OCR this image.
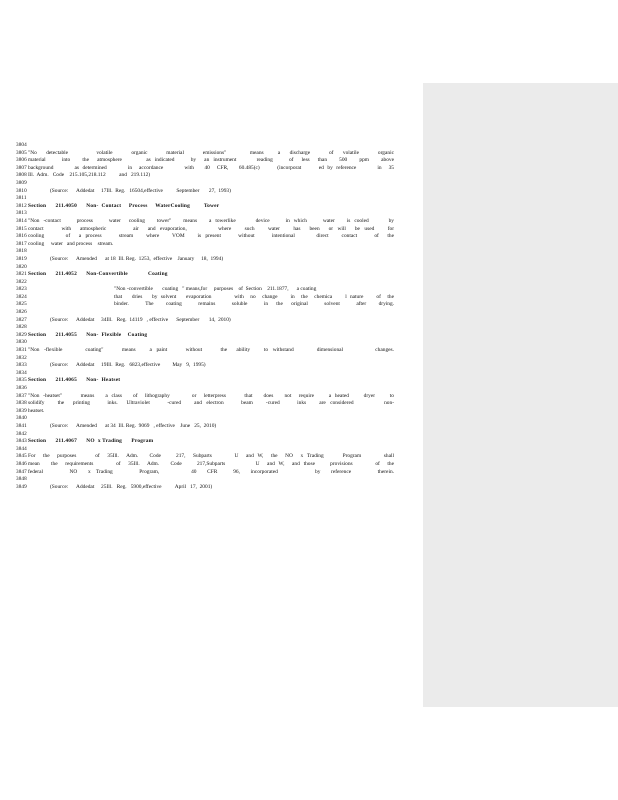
3804
3805 "No  detectable      volatile    organic    material    emissions"     means   a  discharge    of  volatile    organic
3806 material    into   the  atmosphere      as indicated    by  an instrument     reading    of  less  than   500   ppm   above
3807 background      as determined      in  accordance      with   40  CFR,   60.485(c)     (incorporat     ed by reference      in  35
3808 Ill.  Adm.   Code    215.105,218.112          and   219.112)
3809
3810	(Source:      Addedat     17Ill.  Reg.   16504,effective          September       27,  1993)
3811
3812 Section      211.4050      Non-  Contact     Process     WaterCooling         Tower
3813
3814 "Non -contact    process    water  cooling   tower"   means   a towerlike     device    in which    water   is cooled     by
3815 contact    with  atmospheric      air  and evaporation,       where   such   water   has  been  or will  be used   for
3816 cooling     of  a process    stream   where   VOM   is present    without    intentional     direct   contact    of  the
3817 cooling     water   and process    stream.
3818
3819	(Source:      Amended      at 18  Ill. Reg.  1253,  effective    January     18,  1994)
3820
3821 Section      211.4052      Non-Convertible             Coating
3822
3823	"Non -convertible       coating   " means,for     purposes    of  Section    211.1877,      a coating
3824	that   dries   by solvent   evaporation       with  no  change    in  the  chemica    l nature    of  the
3825	binder.    The   coating    remains    soluble    in  the  original    solvent    after   drying.
3826
3827	(Source:      Addedat     34Ill.   Reg.  14119   , effective      September       14,  2010)
3828
3829 Section      211.4055      Non-  Flexible    Coating
3830
3831 "Non -flexible     coating"    means   a paint    without    the  ability   to withstand     dimensional       changes.
3832
3833	(Source:      Addedat     19Ill.  Reg.   6823,effective         May   9,  1995)
3834
3835 Section      211.4065      Non-  Heatset
3836
3837 "Non -heatset"     means   a class   of  lithography      or  letterpress     that   does   not  require    a heated    dryer    to
3838 solidify   the  printing    inks.  Ultraviolet    -cured   and electron    beam   -cured    inks   are considered       non-
3839 heatset.
3840
3841	(Source:      Amended      at 34  Ill. Reg.  9069   , effective    June   25,  2010)
3842
3843 Section      211.4067      NO  x Trading      Program
3844
3845 For  the  purposes     of  35Ill.  Adm.   Code    217,  Subparts      U  and W,  the  NO  x Trading     Program      shall
3846 mean   the  requirements      of  35Ill.  Adm.   Code    217,Subparts        U  and W,  and those    provisions      of  the
3847 federal     NO  x Trading     Program,      40  CFR   96,  incorporated       by  reference     therein.
3848
3849	(Source:      Addedat     25Ill.   Reg.   5900,effective          April   17,  2001)
